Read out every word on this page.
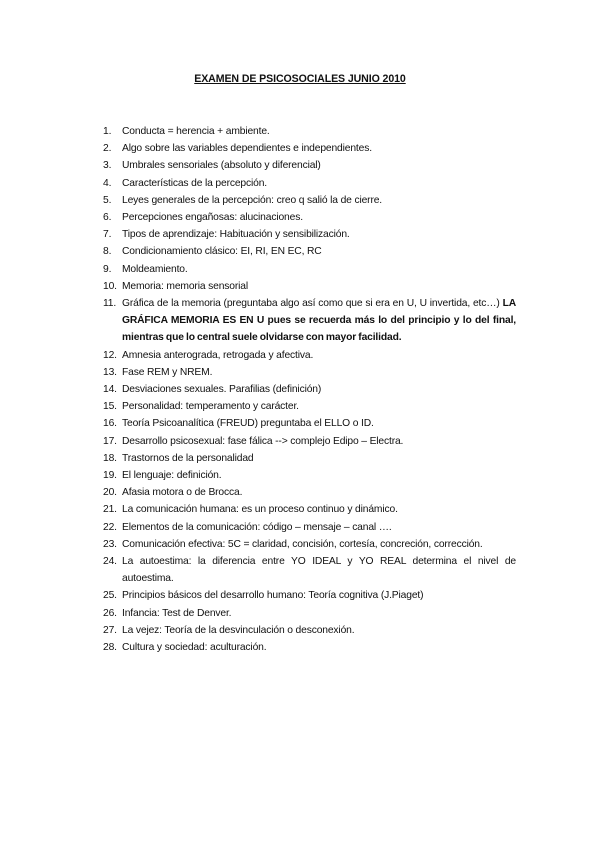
EXAMEN DE PSICOSOCIALES JUNIO 2010
1. Conducta = herencia + ambiente.
2. Algo sobre las variables dependientes e independientes.
3. Umbrales sensoriales (absoluto y diferencial)
4. Características de la percepción.
5. Leyes generales de la percepción: creo q salió la de cierre.
6. Percepciones engañosas: alucinaciones.
7. Tipos de aprendizaje: Habituación y sensibilización.
8. Condicionamiento clásico: EI, RI, EN EC, RC
9. Moldeamiento.
10. Memoria: memoria sensorial
11. Gráfica de la memoria (preguntaba algo así como que si era en U, U invertida, etc…) LA GRÁFICA MEMORIA ES EN U pues se recuerda más lo del principio y lo del final, mientras que lo central suele olvidarse con mayor facilidad.
12. Amnesia anterograda, retrogada y afectiva.
13. Fase REM y NREM.
14. Desviaciones sexuales. Parafilias (definición)
15. Personalidad: temperamento y carácter.
16. Teoría Psicoanalítica (FREUD) preguntaba el ELLO o ID.
17. Desarrollo psicosexual: fase fálica --> complejo Edipo – Electra.
18. Trastornos de la personalidad
19. El lenguaje: definición.
20. Afasia motora o de Brocca.
21. La comunicación humana: es un proceso continuo y dinámico.
22. Elementos de la comunicación: código – mensaje – canal ….
23. Comunicación efectiva: 5C = claridad, concisión, cortesía, concreción, corrección.
24. La autoestima: la diferencia entre YO IDEAL y YO REAL determina el nivel de autoestima.
25. Principios básicos del desarrollo humano: Teoría cognitiva (J.Piaget)
26. Infancia: Test de Denver.
27. La vejez: Teoría de la desvinculación o desconexión.
28. Cultura y sociedad: aculturación.
